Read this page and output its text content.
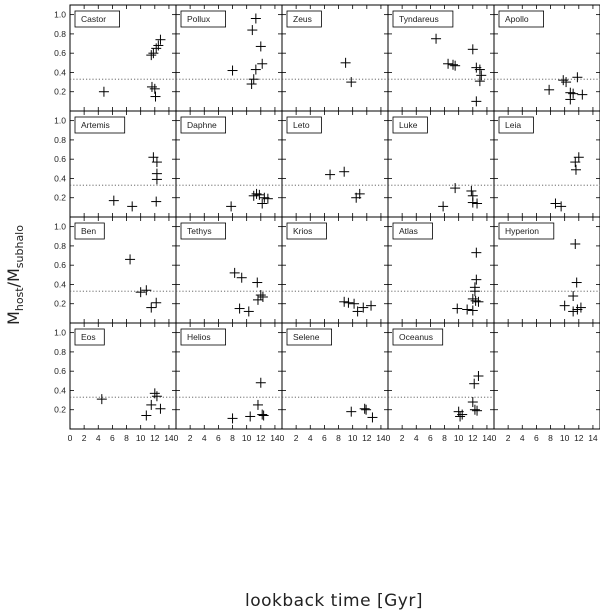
0.2
0.4
0.6
0.8
1.0 Castor	Pollux	Zeus	Tyndareus	Apollo
0.2
0.4
0.6
0.8
1.0 Artemis	Daphne	Leto	Luke	Leia
0.2
0.4
0.6
0.8
1.0 Ben	Tethys	Krios	Atlas	Hyperion
0.2
0.4
0.6
0.8
1.0
0 2 4 6 8 10 12 14
Eos
0 2 4 6 8 10 12 14
Helios
0 2 4 6 8 10 12 14
Selene
0 2 4 6 8 10 12 14
Oceanus
0 2 4 6 8 10 12 14
$M_{host}/M_{subhalo}$
lookback time [Gyr]
